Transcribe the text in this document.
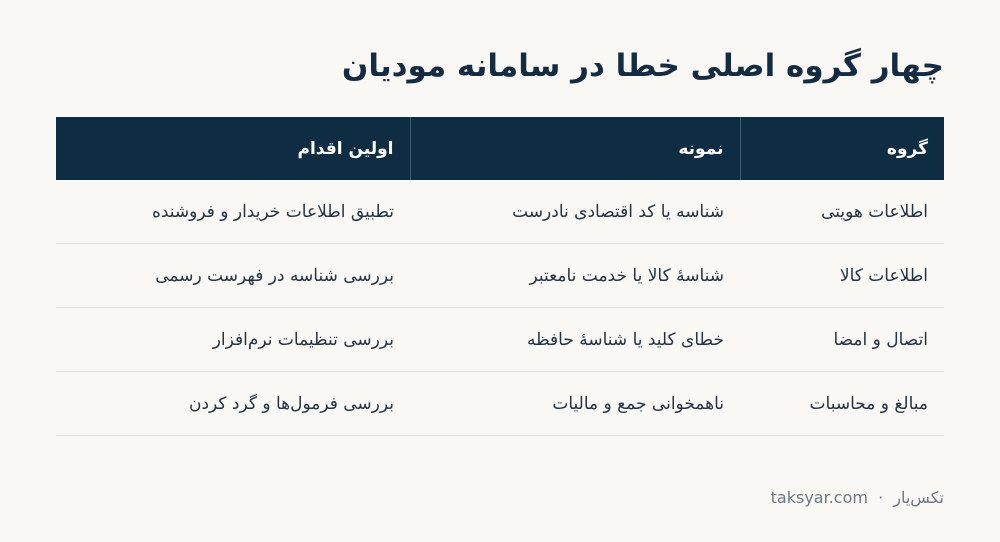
چهار گروه اصلی خطا در سامانه مودیان
گروه	نمونه	اولین اقدام
اطلاعات هویتی	شناسه یا کد اقتصادی نادرست	تطبیق اطلاعات خریدار و فروشنده
اطلاعات کالا	شناسهٔ کالا یا خدمت نامعتبر	بررسی شناسه در فهرست رسمی
اتصال و امضا	خطای کلید یا شناسهٔ حافظه	بررسی تنظیمات نرم‌افزار
مبالغ و محاسبات	ناهمخوانی جمع و مالیات	بررسی فرمول‌ها و گرد کردن
تکس‌یار · taksyar.com
